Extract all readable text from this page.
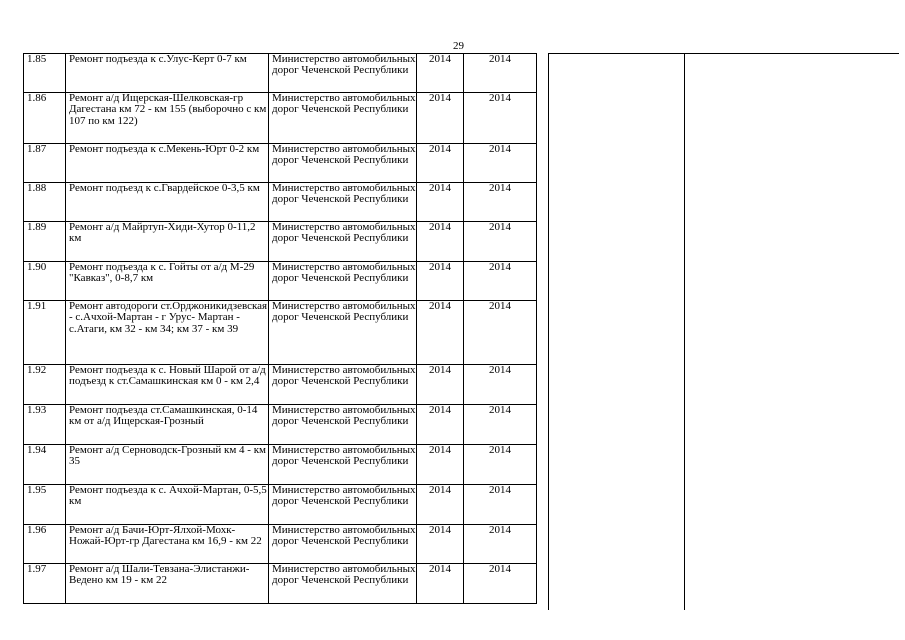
29
1.85	Ремонт подъезда к с.Улус-Керт 0-7 км	Министерство автомобильных дорог Чеченской Республики	2014	2014
1.86	Ремонт а/д Ищерская-Шелковская-гр Дагестана км 72 - км 155 (выборочно с км 107 по км 122)	Министерство автомобильных дорог Чеченской Республики	2014	2014
1.87	Ремонт подъезда к с.Мекень-Юрт 0-2 км	Министерство автомобильных дорог Чеченской Республики	2014	2014
1.88	Ремонт подъезд к с.Гвардейское 0-3,5 км	Министерство автомобильных дорог Чеченской Республики	2014	2014
1.89	Ремонт а/д Майртуп-Хиди-Хутор 0-11,2 км	Министерство автомобильных дорог Чеченской Республики	2014	2014
1.90	Ремонт подъезда к с. Гойты от а/д М-29 "Кавказ", 0-8,7 км	Министерство автомобильных дорог Чеченской Республики	2014	2014
1.91	Ремонт автодороги ст.Орджоникидзевская - с.Ачхой-Мартан - г Урус- Мартан - с.Атаги, км 32 - км 34; км 37 - км 39	Министерство автомобильных дорог Чеченской Республики	2014	2014
1.92	Ремонт подъезда к с. Новый Шарой от а/д подъезд к ст.Самашкинская км 0 - км 2,4	Министерство автомобильных дорог Чеченской Республики	2014	2014
1.93	Ремонт подъезда ст.Самашкинская, 0-14 км от а/д Ищерская-Грозный	Министерство автомобильных дорог Чеченской Республики	2014	2014
1.94	Ремонт а/д Серноводск-Грозный км 4 - км 35	Министерство автомобильных дорог Чеченской Республики	2014	2014
1.95	Ремонт подъезда к с. Ачхой-Мартан, 0-5,5 км	Министерство автомобильных дорог Чеченской Республики	2014	2014
1.96	Ремонт а/д Бачи-Юрт-Ялхой-Мохк-Ножай-Юрт-гр Дагестана км 16,9 - км 22	Министерство автомобильных дорог Чеченской Республики	2014	2014
1.97	Ремонт а/д Шали-Тевзана-Элистанжи-Ведено км 19 - км 22	Министерство автомобильных дорог Чеченской Республики	2014	2014
